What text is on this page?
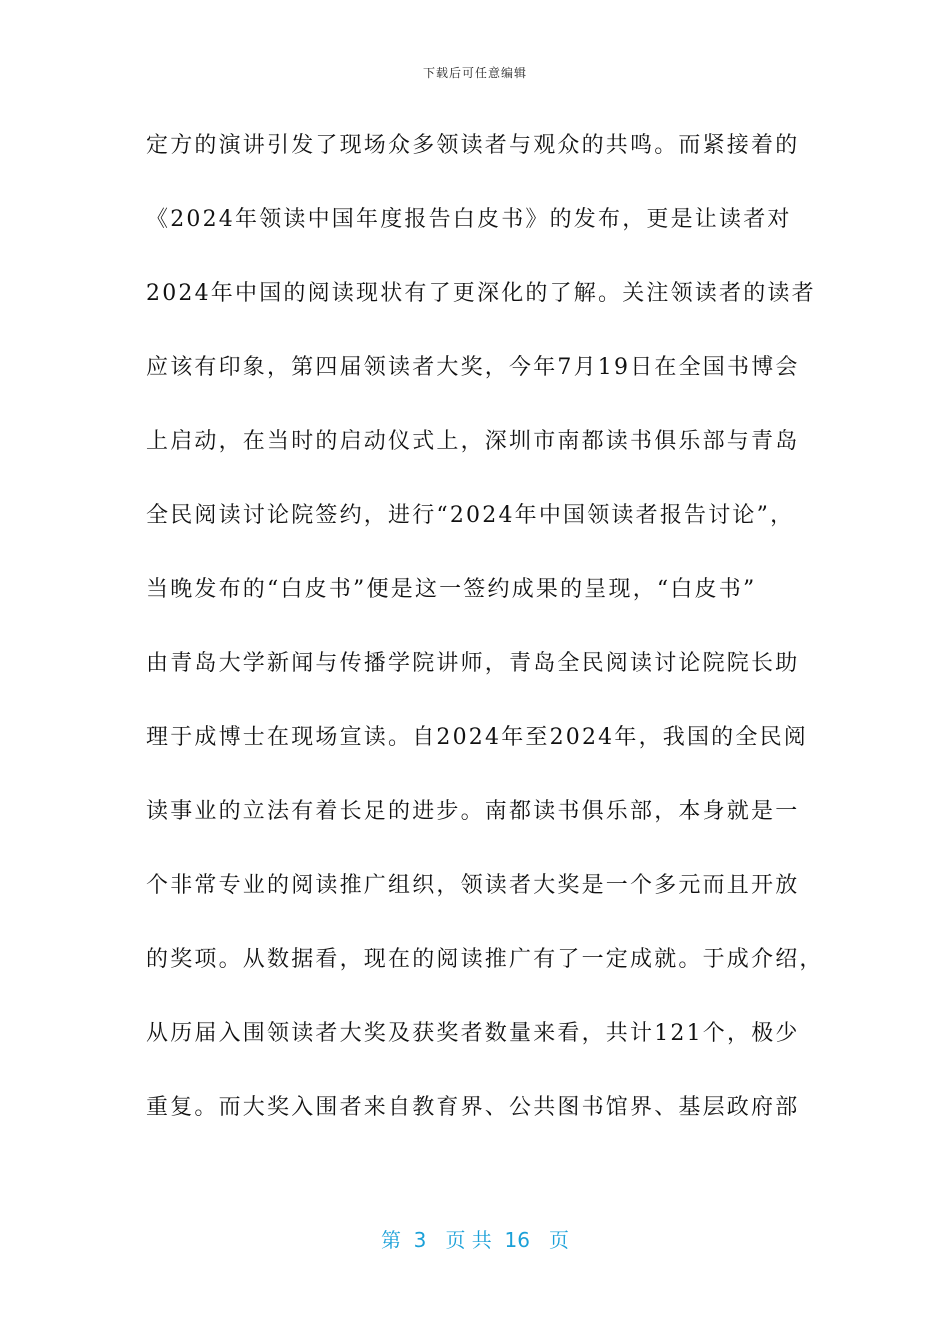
下载后可任意编辑
定方的演讲引发了现场众多领读者与观众的共鸣。而紧接着的
《2024年领读中国年度报告白皮书》的发布，更是让读者对
2024年中国的阅读现状有了更深化的了解。关注领读者的读者
应该有印象，第四届领读者大奖，今年7月19日在全国书博会
上启动，在当时的启动仪式上，深圳市南都读书俱乐部与青岛
全民阅读讨论院签约，进行“2024年中国领读者报告讨论”，
当晚发布的“白皮书”便是这一签约成果的呈现，“白皮书”
由青岛大学新闻与传播学院讲师，青岛全民阅读讨论院院长助
理于成博士在现场宣读。自2024年至2024年，我国的全民阅
读事业的立法有着长足的进步。南都读书俱乐部，本身就是一
个非常专业的阅读推广组织，领读者大奖是一个多元而且开放
的奖项。从数据看，现在的阅读推广有了一定成就。于成介绍，
从历届入围领读者大奖及获奖者数量来看，共计121个，极少
重复。而大奖入围者来自教育界、公共图书馆界、基层政府部
第  3   页 共  16   页
